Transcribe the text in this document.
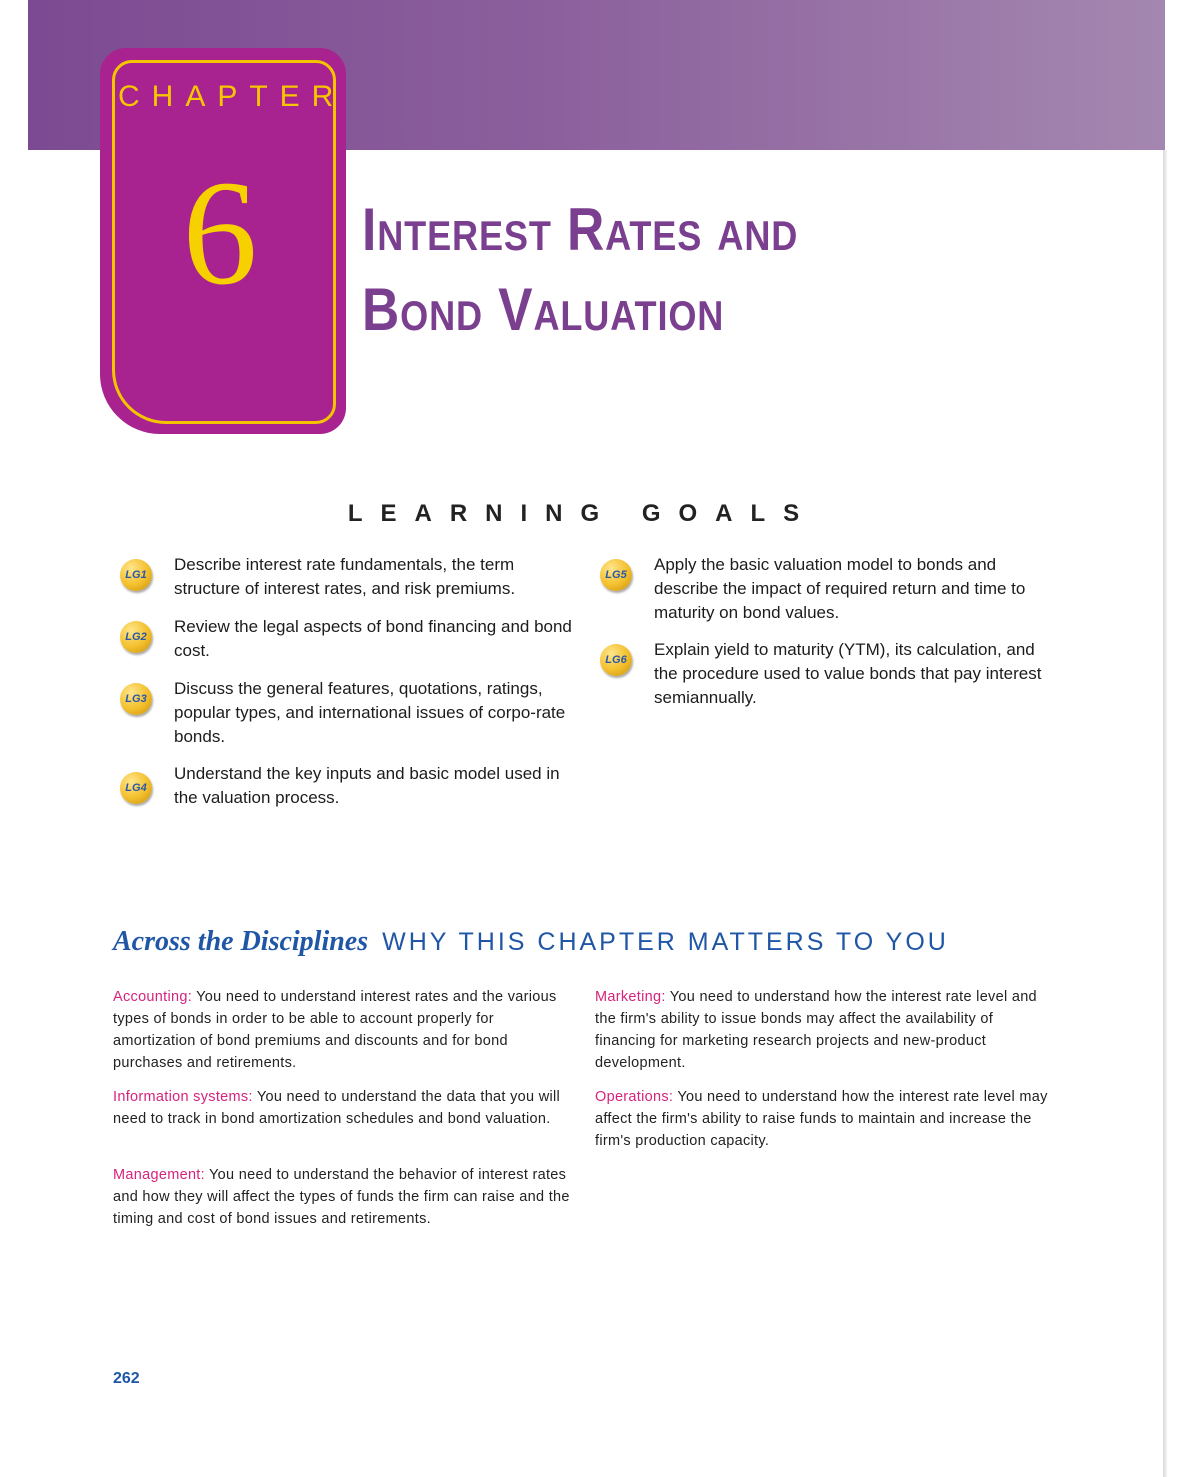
CHAPTER

6	Interest Rates and
Bond Valuation
LEARNING GOALS
LG1

Describe interest rate fundamentals, the term structure of interest rates, and risk premiums.

LG2

Review the legal aspects of bond financing and bond cost.

LG3

Discuss the general features, quotations, ratings, popular types, and international issues of corpo-rate bonds.

LG4

Understand the key inputs and basic model used in the valuation process.

LG5

Apply the basic valuation model to bonds and describe the impact of required return and time to maturity on bond values.

LG6

Explain yield to maturity (YTM), its calculation, and the procedure used to value bonds that pay interest semiannually.

Across the Disciplines WHY THIS CHAPTER MATTERS TO YOU

Accounting: You need to understand interest rates and the various types of bonds in order to be able to account properly for amortization of bond premiums and discounts and for bond purchases and retirements.

Information systems: You need to understand the data that you will need to track in bond amortization schedules and bond valuation.

Management: You need to understand the behavior of interest rates and how they will affect the types of funds the firm can raise and the timing and cost of bond issues and retirements.

Marketing: You need to understand how the interest rate level and the firm's ability to issue bonds may affect the availability of financing for marketing research projects and new-product development.

Operations: You need to understand how the interest rate level may affect the firm's ability to raise funds to maintain and increase the firm's production capacity.

262
